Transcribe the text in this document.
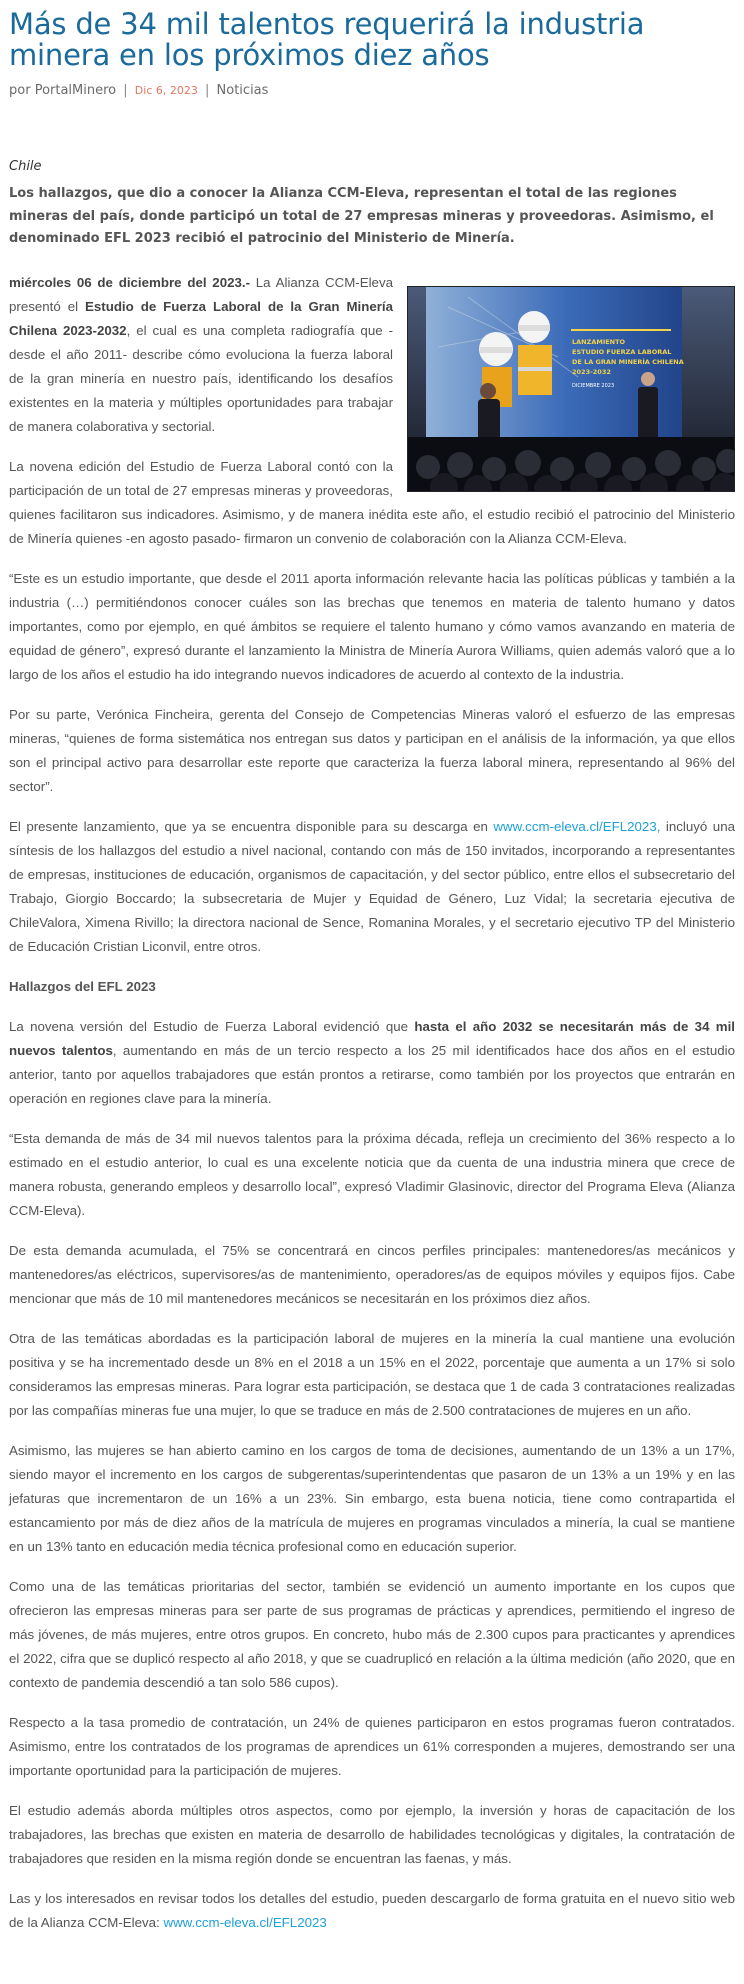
Más de 34 mil talentos requerirá la industria minera en los próximos diez años
por PortalMinero | Dic 6, 2023 | Noticias
Chile
Los hallazgos, que dio a conocer la Alianza CCM-Eleva, representan el total de las regiones mineras del país, donde participó un total de 27 empresas mineras y proveedoras. Asimismo, el denominado EFL 2023 recibió el patrocinio del Ministerio de Minería.
LANZAMIENTO
ESTUDIO FUERZA LABORAL
DE LA GRAN MINERÍA CHILENA
2023-2032
DICIEMBRE 2023

miércoles 06 de diciembre del 2023.- La Alianza CCM-Eleva presentó el Estudio de Fuerza Laboral de la Gran Minería Chilena 2023-2032, el cual es una completa radiografía que -desde el año 2011- describe cómo evoluciona la fuerza laboral de la gran minería en nuestro país, identificando los desafíos existentes en la materia y múltiples oportunidades para trabajar de manera colaborativa y sectorial.

La novena edición del Estudio de Fuerza Laboral contó con la participación de un total de 27 empresas mineras y proveedoras, quienes facilitaron sus indicadores. Asimismo, y de manera inédita este año, el estudio recibió el patrocinio del Ministerio de Minería quienes -en agosto pasado- firmaron un convenio de colaboración con la Alianza CCM-Eleva.

“Este es un estudio importante, que desde el 2011 aporta información relevante hacia las políticas públicas y también a la industria (…) permitiéndonos conocer cuáles son las brechas que tenemos en materia de talento humano y datos importantes, como por ejemplo, en qué ámbitos se requiere el talento humano y cómo vamos avanzando en materia de equidad de género”, expresó durante el lanzamiento la Ministra de Minería Aurora Williams, quien además valoró que a lo largo de los años el estudio ha ido integrando nuevos indicadores de acuerdo al contexto de la industria.

Por su parte, Verónica Fincheira, gerenta del Consejo de Competencias Mineras valoró el esfuerzo de las empresas mineras, “quienes de forma sistemática nos entregan sus datos y participan en el análisis de la información, ya que ellos son el principal activo para desarrollar este reporte que caracteriza la fuerza laboral minera, representando al 96% del sector”.

El presente lanzamiento, que ya se encuentra disponible para su descarga en www.ccm-eleva.cl/EFL2023, incluyó una síntesis de los hallazgos del estudio a nivel nacional, contando con más de 150 invitados, incorporando a representantes de empresas, instituciones de educación, organismos de capacitación, y del sector público, entre ellos el subsecretario del Trabajo, Giorgio Boccardo; la subsecretaria de Mujer y Equidad de Género, Luz Vidal; la secretaria ejecutiva de ChileValora, Ximena Rivillo; la directora nacional de Sence, Romanina Morales, y el secretario ejecutivo TP del Ministerio de Educación Cristian Liconvil, entre otros.

Hallazgos del EFL 2023

La novena versión del Estudio de Fuerza Laboral evidenció que hasta el año 2032 se necesitarán más de 34 mil nuevos talentos, aumentando en más de un tercio respecto a los 25 mil identificados hace dos años en el estudio anterior, tanto por aquellos trabajadores que están prontos a retirarse, como también por los proyectos que entrarán en operación en regiones clave para la minería.

“Esta demanda de más de 34 mil nuevos talentos para la próxima década, refleja un crecimiento del 36% respecto a lo estimado en el estudio anterior, lo cual es una excelente noticia que da cuenta de una industria minera que crece de manera robusta, generando empleos y desarrollo local”, expresó Vladimir Glasinovic, director del Programa Eleva (Alianza CCM-Eleva).

De esta demanda acumulada, el 75% se concentrará en cincos perfiles principales: mantenedores/as mecánicos y mantenedores/as eléctricos, supervisores/as de mantenimiento, operadores/as de equipos móviles y equipos fijos. Cabe mencionar que más de 10 mil mantenedores mecánicos se necesitarán en los próximos diez años.

Otra de las temáticas abordadas es la participación laboral de mujeres en la minería la cual mantiene una evolución positiva y se ha incrementado desde un 8% en el 2018 a un 15% en el 2022, porcentaje que aumenta a un 17% si solo consideramos las empresas mineras. Para lograr esta participación, se destaca que 1 de cada 3 contrataciones realizadas por las compañías mineras fue una mujer, lo que se traduce en más de 2.500 contrataciones de mujeres en un año.

Asimismo, las mujeres se han abierto camino en los cargos de toma de decisiones, aumentando de un 13% a un 17%, siendo mayor el incremento en los cargos de subgerentas/superintendentas que pasaron de un 13% a un 19% y en las jefaturas que incrementaron de un 16% a un 23%. Sin embargo, esta buena noticia, tiene como contrapartida el estancamiento por más de diez años de la matrícula de mujeres en programas vinculados a minería, la cual se mantiene en un 13% tanto en educación media técnica profesional como en educación superior.

Como una de las temáticas prioritarias del sector, también se evidenció un aumento importante en los cupos que ofrecieron las empresas mineras para ser parte de sus programas de prácticas y aprendices, permitiendo el ingreso de más jóvenes, de más mujeres, entre otros grupos. En concreto, hubo más de 2.300 cupos para practicantes y aprendices el 2022, cifra que se duplicó respecto al año 2018, y que se cuadruplicó en relación a la última medición (año 2020, que en contexto de pandemia descendió a tan solo 586 cupos).

Respecto a la tasa promedio de contratación, un 24% de quienes participaron en estos programas fueron contratados. Asimismo, entre los contratados de los programas de aprendices un 61% corresponden a mujeres, demostrando ser una importante oportunidad para la participación de mujeres.

El estudio además aborda múltiples otros aspectos, como por ejemplo, la inversión y horas de capacitación de los trabajadores, las brechas que existen en materia de desarrollo de habilidades tecnológicas y digitales, la contratación de trabajadores que residen en la misma región donde se encuentran las faenas, y más.

Las y los interesados en revisar todos los detalles del estudio, pueden descargarlo de forma gratuita en el nuevo sitio web de la Alianza CCM-Eleva: www.ccm-eleva.cl/EFL2023
